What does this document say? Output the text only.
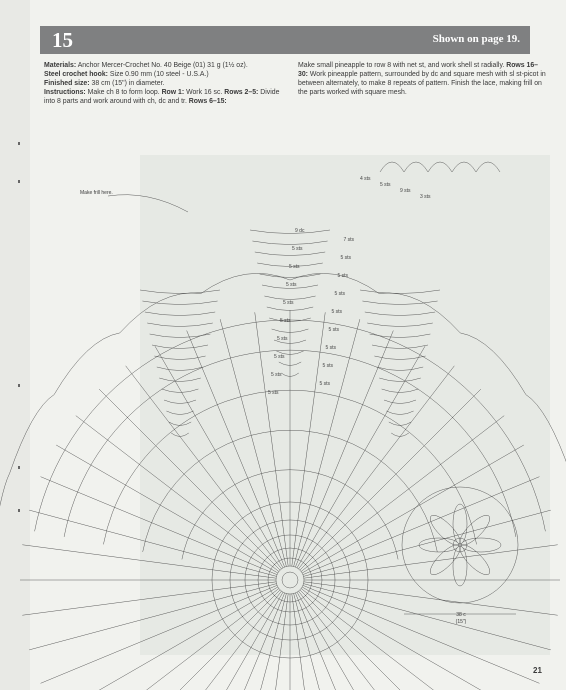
15	Shown on page 19.

Materials: Anchor Mercer-Crochet No. 40 Beige (01) 31 g (1½ oz).

Steel crochet hook: Size 0.90 mm (10 steel - U.S.A.)

Finished size: 38 cm (15") in diameter.

Instructions: Make ch 8 to form loop. Row 1: Work 16 sc. Rows 2–5: Divide into 8 parts and work around with ch, dc and tr. Rows 6–15:

Make small pineapple to row 8 with net st, and work shell st radially. Rows 16–30: Work pineapple pattern, surrounded by dc and square mesh with sl st-picot in between alternately, to make 8 repeats of pattern. Finish the lace, making frill on the parts worked with square mesh.

Make frill here.
9 dc
7 sts
5 sts
5 sts
5 sts
5 sts
5 sts
5 sts
5 sts
5 sts
5 sts
5 sts
5 sts
5 sts
5 sts
5 sts
5 sts
5 sts
5 sts
4 sts
5 sts
9 sts
3 sts
38 c
(15")
21
